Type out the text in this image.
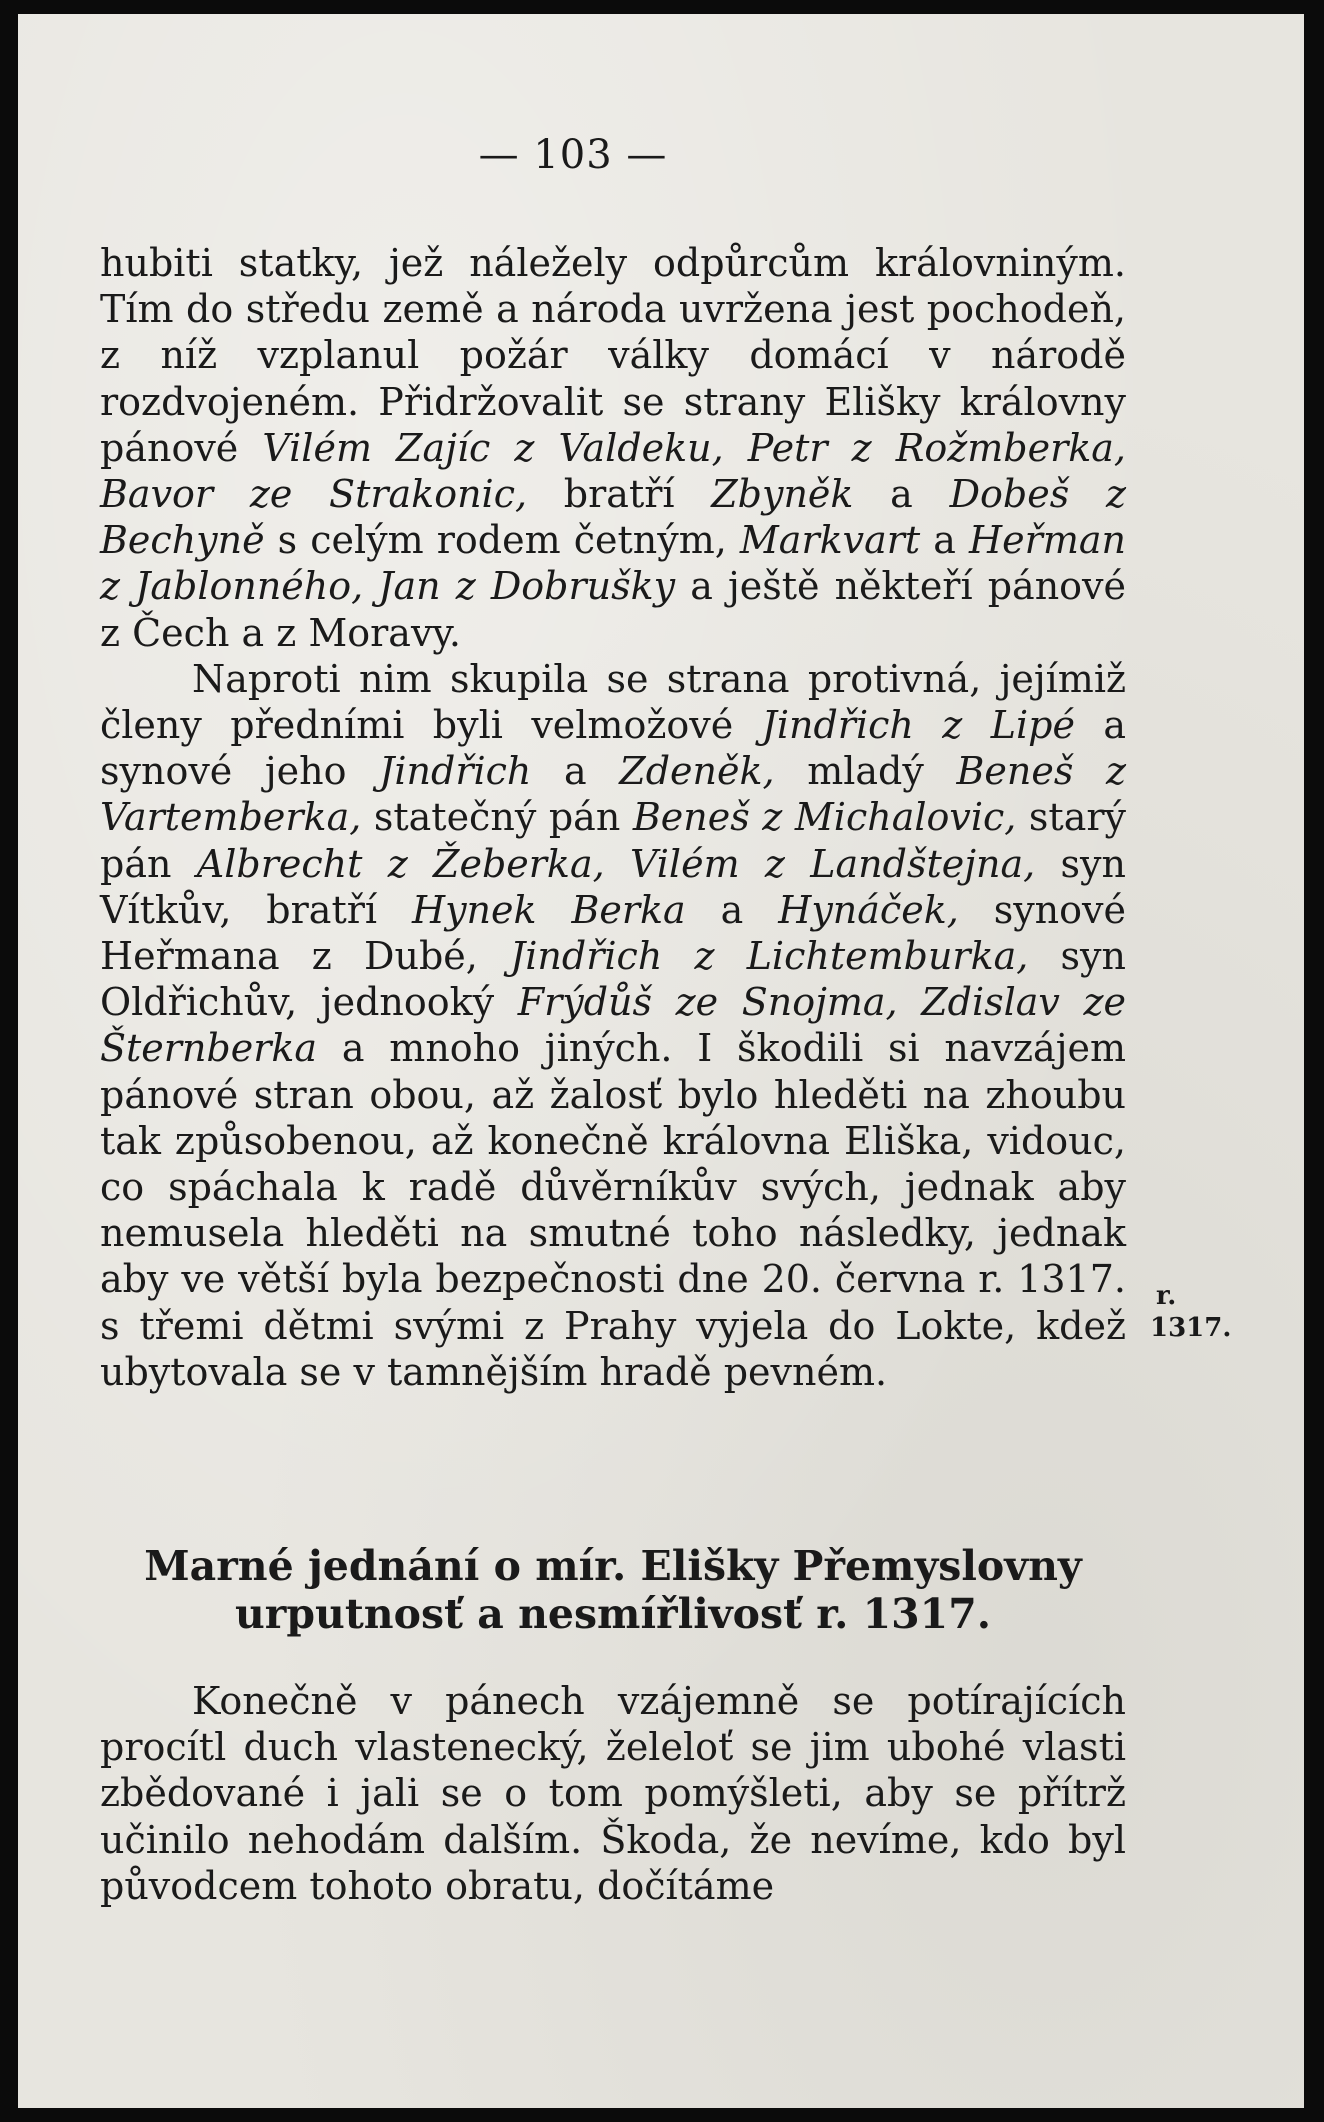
— 103 —

hubiti statky, jež náležely odpůrcům královniným. Tím do středu země a národa uvržena jest pochodeň, z níž vzplanul požár války domácí v národě rozdvojeném. Přidržovalit se strany Elišky královny pánové Vilém Zajíc z Valdeku, Petr z Rožmberka, Bavor ze Strakonic, bratří Zbyněk a Dobeš z Bechyně s celým rodem četným, Markvart a Heřman z Jablonného, Jan z Dobrušky a ještě někteří pánové z Čech a z Moravy.

Naproti nim skupila se strana protivná, jejímiž členy předními byli velmožové Jindřich z Lipé a synové jeho Jindřich a Zdeněk, mladý Beneš z Vartemberka, statečný pán Beneš z Michalovic, starý pán Albrecht z Žeberka, Vilém z Landštejna, syn Vítkův, bratří Hynek Berka a Hynáček, synové Heřmana z Dubé, Jindřich z Lichtemburka, syn Oldřichův, jednooký Frýdůš ze Snojma, Zdislav ze Šternberka a mnoho jiných. I škodili si navzájem pánové stran obou, až žalosť bylo hleděti na zhoubu tak způsobenou, až konečně královna Eliška, vidouc, co spáchala k radě důvěrníkův svých, jednak aby nemusela hleděti na smutné toho následky, jednak aby ve větší byla bezpečnosti dne 20. června r. 1317. s třemi dětmi svými z Prahy vyjela do Lokte, kdež ubytovala se v tamnějším hradě pevném.

r.
1317.
Marné jednání o mír. Elišky Přemyslovny
urputnosť a nesmířlivosť r. 1317.

Konečně v pánech vzájemně se potírajících procítl duch vlastenecký, želeloť se jim ubohé vlasti zbědované i jali se o tom pomýšleti, aby se přítrž učinilo nehodám dalším. Škoda, že nevíme, kdo byl původcem tohoto obratu, dočítáme
